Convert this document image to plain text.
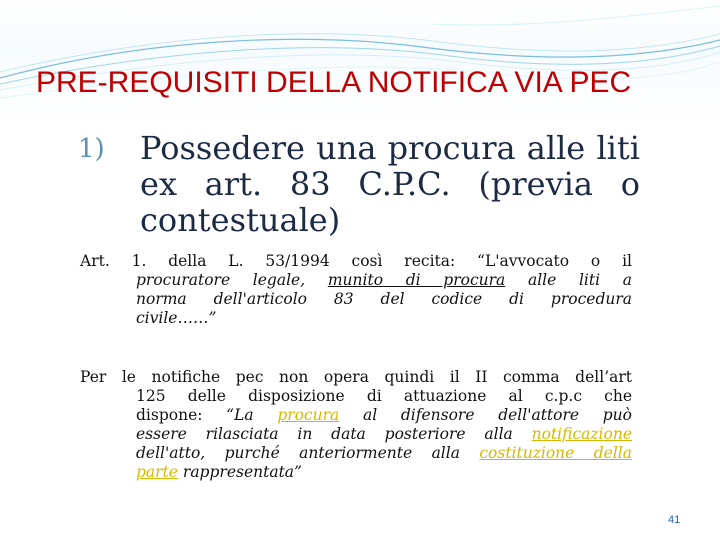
PRE-REQUISITI DELLA NOTIFICA VIA PEC
1) Possedere una procura alle liti ex art. 83 C.P.C. (previa o contestuale)
Art. 1. della L. 53/1994 così recita: “L'avvocato o il
procuratore legale, munito di procura alle liti a
norma dell'articolo 83 del codice di procedura
civile……”
Per le notifiche pec non opera quindi il II comma dell’art
125 delle disposizione di attuazione al c.p.c che
dispone: “La procura al difensore dell'attore può
essere rilasciata in data posteriore alla notificazione
dell'atto, purché anteriormente alla costituzione della
parte rappresentata”
41
